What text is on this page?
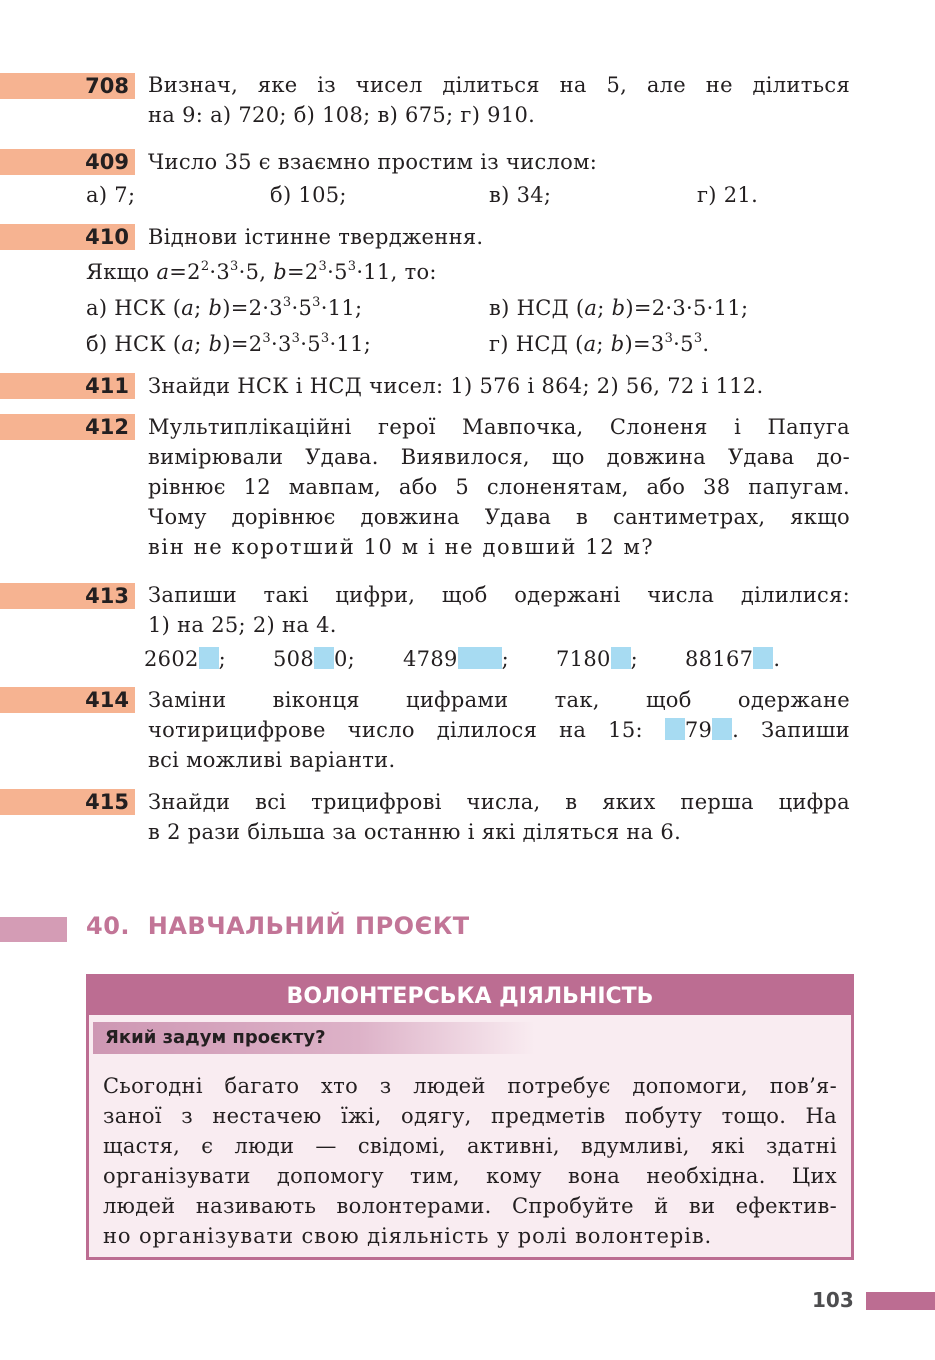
708 Визнач, яке із чисел ділиться на 5, але не ділиться
на 9: а) 720; б) 108; в) 675; г) 910.
409 Число 35 є взаємно простим із числом:
а) 7;	б) 105;	в) 34;	г) 21.
410 Віднови істинне твердження.
Якщо $a=2^2\cdot 3^3\cdot 5$, $b=2^3\cdot 5^3\cdot 11$, то:
а) НСК (a; $b)=2\cdot 3^3\cdot 5^3\cdot 11$;	в) НСД (a; b)=2·3·5·11;
б) НСК (a; $b)=2^3\cdot 3^3\cdot 5^3\cdot 11$;	г) НСД (a; $b)=3^3\cdot 5^3$.
411 Знайди НСК і НСД чисел: 1) 576 і 864; 2) 56, 72 і 112.
412 Мультиплікаційні герої Мавпочка, Слоненя і Папуга
вимірювали Удава. Виявилося, що довжина Удава до-
рівнює 12 мавпам, або 5 слоненятам, або 38 папугам.
Чому дорівнює довжина Удава в сантиметрах, якщо
він не коротший 10 м і не довший 12 м?
413 Запиши такі цифри, щоб одержані числа ділилися:
1) на 25; 2) на 4.
2602 ; 508 0; 4789 ; 7180 ; 88167 .
414 Заміни віконця цифрами так, щоб одержане
чотирицифрове число ділилося на 15: 79 . Запиши
всі можливі варіанти.
415 Знайди всі трицифрові числа, в яких перша цифра
в 2 рази більша за останню і які діляться на 6.
40. НАВЧАЛЬНИЙ ПРОЄКТ
ВОЛОНТЕРСЬКА ДІЯЛЬНІСТЬ
Який задум проєкту?
Сьогодні багато хто з людей потребує допомоги, пов’я-
заної з нестачею їжі, одягу, предметів побуту тощо. На
щастя, є люди — свідомі, активні, вдумливі, які здатні
організувати допомогу тим, кому вона необхідна. Цих
людей називають волонтерами. Спробуйте й ви ефектив-
но організувати свою діяльність у ролі волонтерів.
103
